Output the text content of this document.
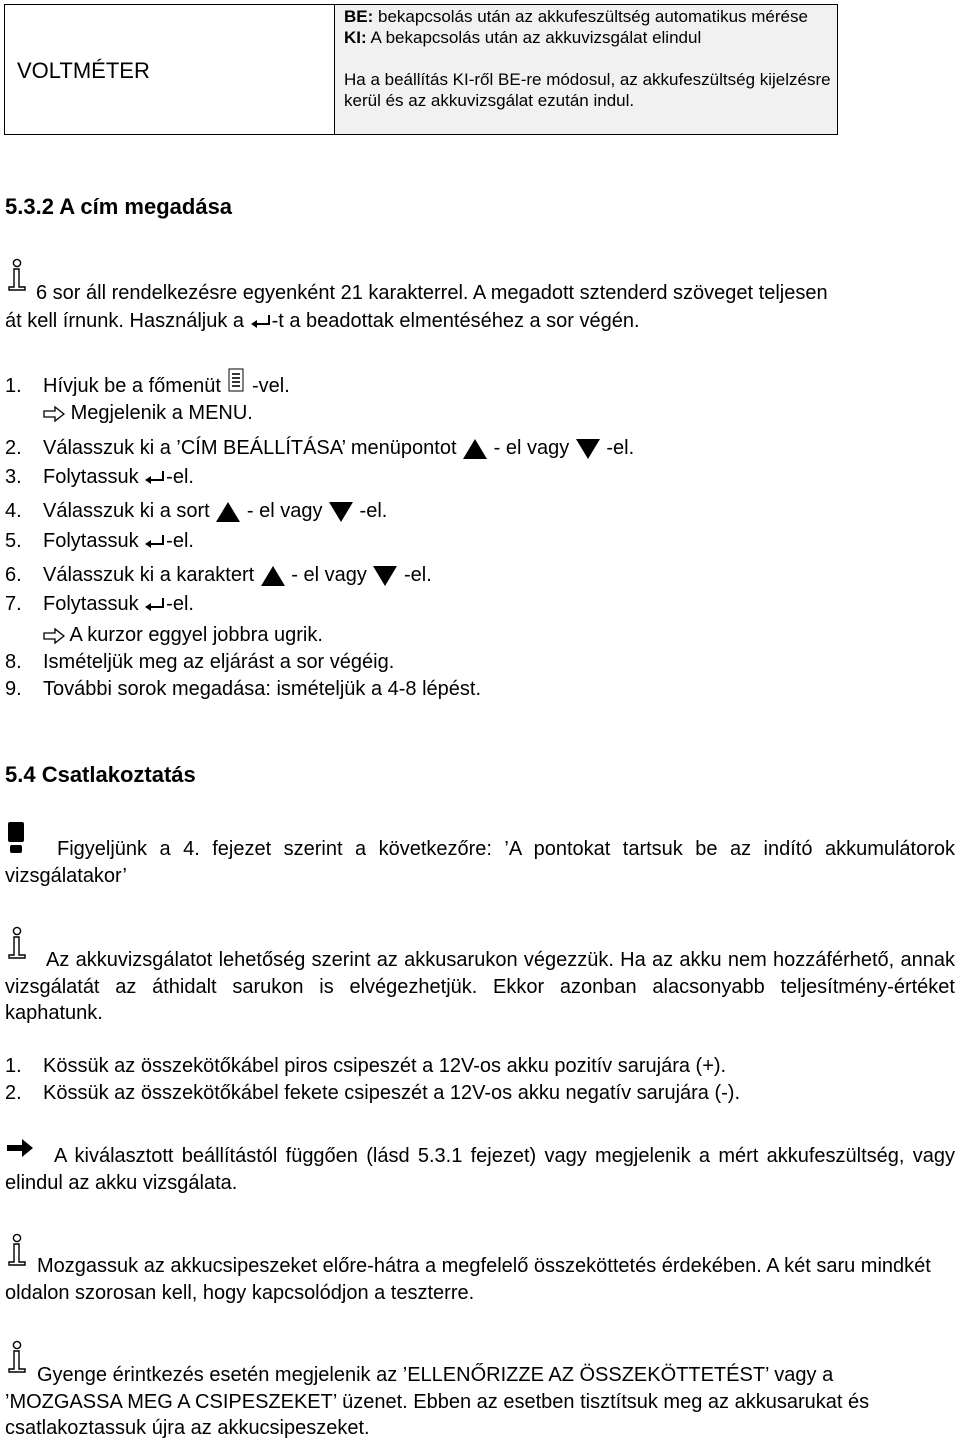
VOLTMÉTER

BE: bekapcsolás után az akkufeszültség automatikus mérése

KI: A bekapcsolás után az akkuvizsgálat elindul

Ha a beállítás KI-ről BE-re módosul, az akkufeszültség kijelzésre kerül és az akkuvizsgálat ezután indul.

5.3.2 A cím megadása
6 sor áll rendelkezésre egyenként 21 karakterrel. A megadott sztenderd szöveget teljesen
át kell írnunk. Használjuk a -t a beadottak elmentéséhez a sor végén.
1. Hívjuk be a főmenüt  -vel.
Megjelenik a MENU.
2. Válasszuk ki a ’CÍM BEÁLLÍTÁSA’ menüpontot  - el vagy  -el.
3. Folytassuk -el.
4. Válasszuk ki a sort  - el vagy  -el.
5. Folytassuk -el.
6. Válasszuk ki a karaktert  - el vagy  -el.
7. Folytassuk -el.
A kurzor eggyel jobbra ugrik.
8. Ismételjük meg az eljárást a sor végéig.
9. További sorok megadása: ismételjük a 4-8 lépést.
5.4 Csatlakoztatás
Figyeljünk a 4. fejezet szerint a következőre: ’A pontokat tartsuk be az indító akkumulátorok vizsgálatakor’
Az akkuvizsgálatot lehetőség szerint az akkusarukon végezzük. Ha az akku nem hozzáférhető, annak vizsgálatát az áthidalt sarukon is elvégezhetjük. Ekkor azonban alacsonyabb teljesítmény-értéket kaphatunk.
1. Kössük az összekötőkábel piros csipeszét a 12V-os akku pozitív sarujára (+).
2. Kössük az összekötőkábel fekete csipeszét a 12V-os akku negatív sarujára (-).
A kiválasztott beállítástól függően (lásd 5.3.1 fejezet) vagy megjelenik a mért akkufeszültség, vagy elindul az akku vizsgálata.
Mozgassuk az akkucsipeszeket előre-hátra a megfelelő összeköttetés érdekében. A két saru mindkét oldalon szorosan kell, hogy kapcsolódjon a teszterre.
Gyenge érintkezés esetén megjelenik az ’ELLENŐRIZZE AZ ÖSSZEKÖTTETÉST’ vagy a ’MOZGASSA MEG A CSIPESZEKET’ üzenet. Ebben az esetben tisztítsuk meg az akkusarukat és csatlakoztassuk újra az akkucsipeszeket.
